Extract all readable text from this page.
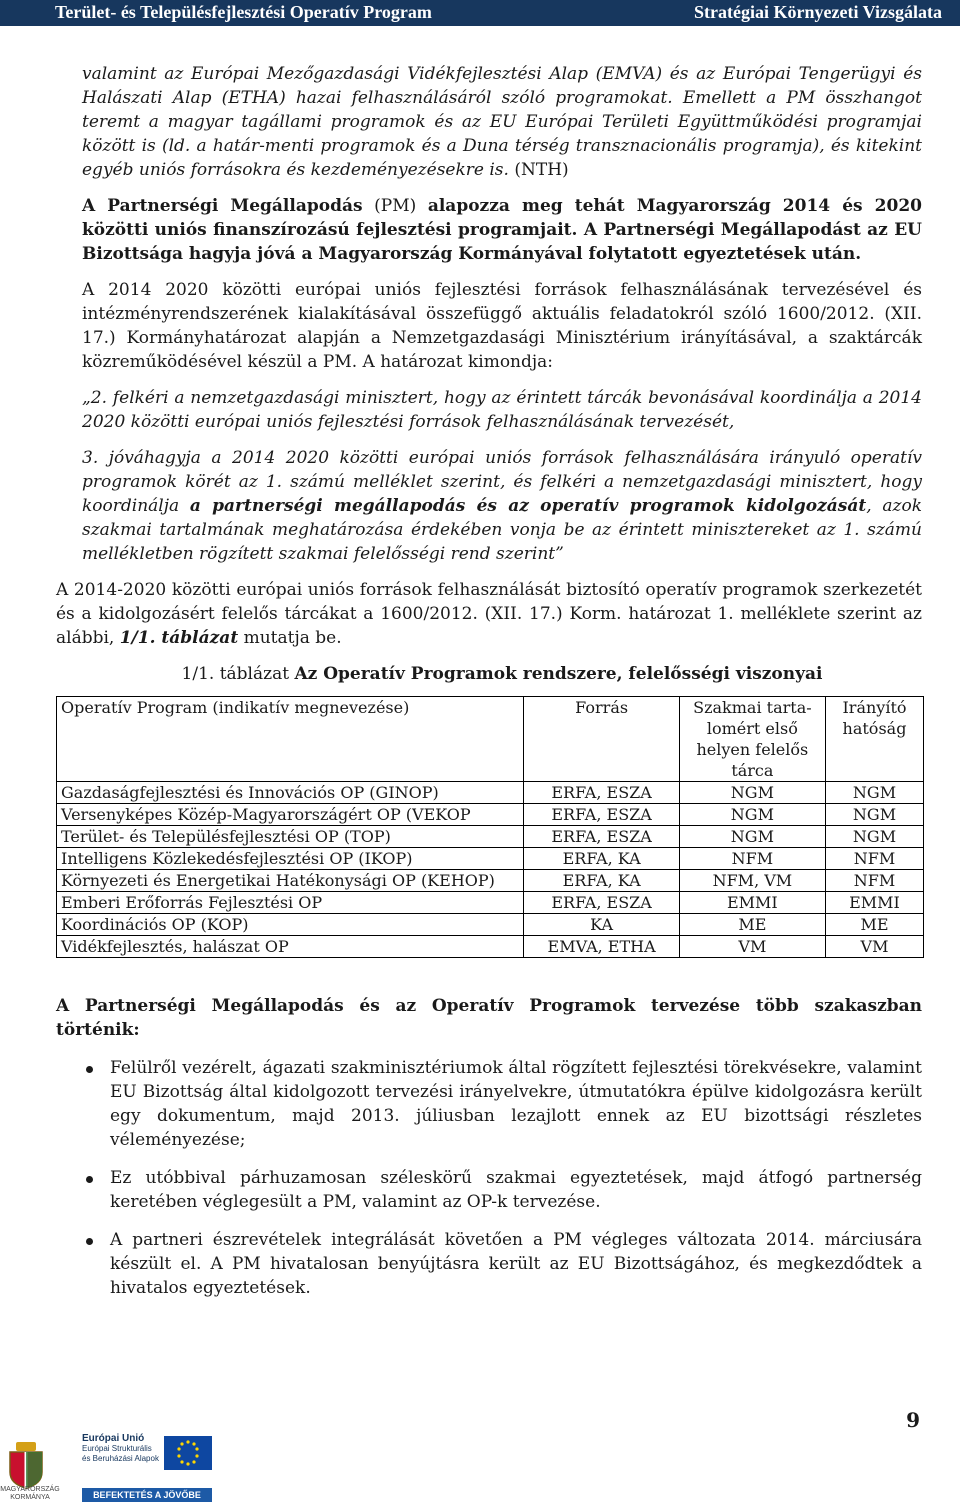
Terület- és Településfejlesztési Operatív Program	Stratégiai Környezeti Vizsgálata

valamint az Európai Mezőgazdasági Vidékfejlesztési Alap (EMVA) és az Európai Tengerügyi és Halászati Alap (ETHA) hazai felhasználásáról szóló programokat. Emellett a PM összhangot teremt a magyar tagállami programok és az EU Európai Területi Együttműködési programjai között is (ld. a határ-menti programok és a Duna térség transznacionális programja), és kitekint egyéb uniós forrásokra és kezdeményezésekre is. (NTH)

A Partnerségi Megállapodás (PM) alapozza meg tehát Magyarország 2014 és 2020 közötti uniós finanszírozású fejlesztési programjait. A Partnerségi Megállapodást az EU Bizottsága hagyja jóvá a Magyarország Kormányával folytatott egyeztetések után.

A 2014 2020 közötti európai uniós fejlesztési források felhasználásának tervezésével és intézményrendszerének kialakításával összefüggő aktuális feladatokról szóló 1600/2012. (XII. 17.) Kormányhatározat alapján a Nemzetgazdasági Minisztérium irányításával, a szaktárcák közreműködésével készül a PM. A határozat kimondja:

„2. felkéri a nemzetgazdasági minisztert, hogy az érintett tárcák bevonásával koordinálja a 2014 2020 közötti európai uniós fejlesztési források felhasználásának tervezését,

3. jóváhagyja a 2014 2020 közötti európai uniós források felhasználására irányuló operatív programok körét az 1. számú melléklet szerint, és felkéri a nemzetgazdasági minisztert, hogy koordinálja a partnerségi megállapodás és az operatív programok kidolgozását, azok szakmai tartalmának meghatározása érdekében vonja be az érintett minisztereket az 1. számú mellékletben rögzített szakmai felelősségi rend szerint”

A 2014-2020 közötti európai uniós források felhasználását biztosító operatív programok szerkezetét és a kidolgozásért felelős tárcákat a 1600/2012. (XII. 17.) Korm. határozat 1. melléklete szerint az alábbi, 1/1. táblázat mutatja be.

1/1. táblázat Az Operatív Programok rendszere, felelősségi viszonyai

Operatív Program (indikatív megnevezése)	Forrás	Szakmai tarta-lomért első helyen felelős tárca	Irányító hatóság
Gazdaságfejlesztési és Innovációs OP (GINOP)	ERFA, ESZA	NGM	NGM
Versenyképes Közép-Magyarországért OP (VEKOP	ERFA, ESZA	NGM	NGM
Terület- és Településfejlesztési OP (TOP)	ERFA, ESZA	NGM	NGM
Intelligens Közlekedésfejlesztési OP (IKOP)	ERFA, KA	NFM	NFM
Környezeti és Energetikai Hatékonysági OP (KEHOP)	ERFA, KA	NFM, VM	NFM
Emberi Erőforrás Fejlesztési OP	ERFA, ESZA	EMMI	EMMI
Koordinációs OP (KOP)	KA	ME	ME
Vidékfejlesztés, halászat OP	EMVA, ETHA	VM	VM

A Partnerségi Megállapodás és az Operatív Programok tervezése több szakaszban történik:

Felülről vezérelt, ágazati szakminisztériumok által rögzített fejlesztési törekvésekre, valamint EU Bizottság által kidolgozott tervezési irányelvekre, útmutatókra épülve kidolgozásra került egy dokumentum, majd 2013. júliusban lezajlott ennek az EU bizottsági részletes véleményezése;
Ez utóbbival párhuzamosan széleskörű szakmai egyeztetések, majd átfogó partnerség keretében véglegesült a PM, valamint az OP-k tervezése.
A partneri észrevételek integrálását követően a PM végleges változata 2014. márciusára készült el. A PM hivatalosan benyújtásra került az EU Bizottságához, és megkezdődtek a hivatalos egyeztetések.
9
MAGYARORSZÁG KORMÁNYA
Európai Unió
Európai Strukturális és Beruházási Alapok
BEFEKTETÉS A JÖVŐBE
